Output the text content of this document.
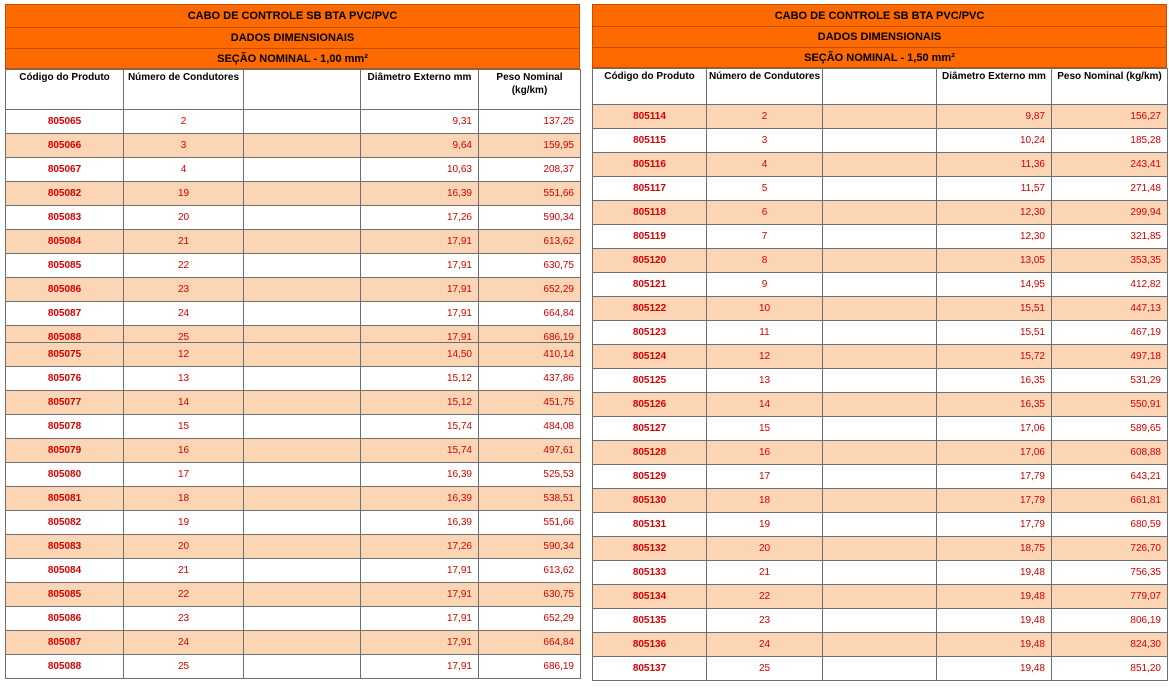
CABO DE CONTROLE SB BTA PVC/PVC
DADOS DIMENSIONAIS
SEÇÃO NOMINAL - 1,00 mm²
Código do Produto	Número de Condutores		Diâmetro Externo mm	Peso Nominal (kg/km)
805065	2		9,31	137,25
805066	3		9,64	159,95
805067	4		10,63	208,37
805082	19		16,39	551,66
805083	20		17,26	590,34
805084	21		17,91	613,62
805085	22		17,91	630,75
805086	23		17,91	652,29
805087	24		17,91	664,84
805088	25		17,91	686,19
805075	12		14,50	410,14
805076	13		15,12	437,86
805077	14		15,12	451,75
805078	15		15,74	484,08
805079	16		15,74	497,61
805080	17		16,39	525,53
805081	18		16,39	538,51
805082	19		16,39	551,66
805083	20		17,26	590,34
805084	21		17,91	613,62
805085	22		17,91	630,75
805086	23		17,91	652,29
805087	24		17,91	664,84
805088	25		17,91	686,19
CABO DE CONTROLE SB BTA PVC/PVC
DADOS DIMENSIONAIS
SEÇÃO NOMINAL - 1,50 mm²
Código do Produto	Número de Condutores		Diâmetro Externo mm	Peso Nominal (kg/km)
805114	2		9,87	156,27
805115	3		10,24	185,28
805116	4		11,36	243,41
805117	5		11,57	271,48
805118	6		12,30	299,94
805119	7		12,30	321,85
805120	8		13,05	353,35
805121	9		14,95	412,82
805122	10		15,51	447,13
805123	11		15,51	467,19
805124	12		15,72	497,18
805125	13		16,35	531,29
805126	14		16,35	550,91
805127	15		17,06	589,65
805128	16		17,06	608,88
805129	17		17,79	643,21
805130	18		17,79	661,81
805131	19		17,79	680,59
805132	20		18,75	726,70
805133	21		19,48	756,35
805134	22		19,48	779,07
805135	23		19,48	806,19
805136	24		19,48	824,30
805137	25		19,48	851,20
